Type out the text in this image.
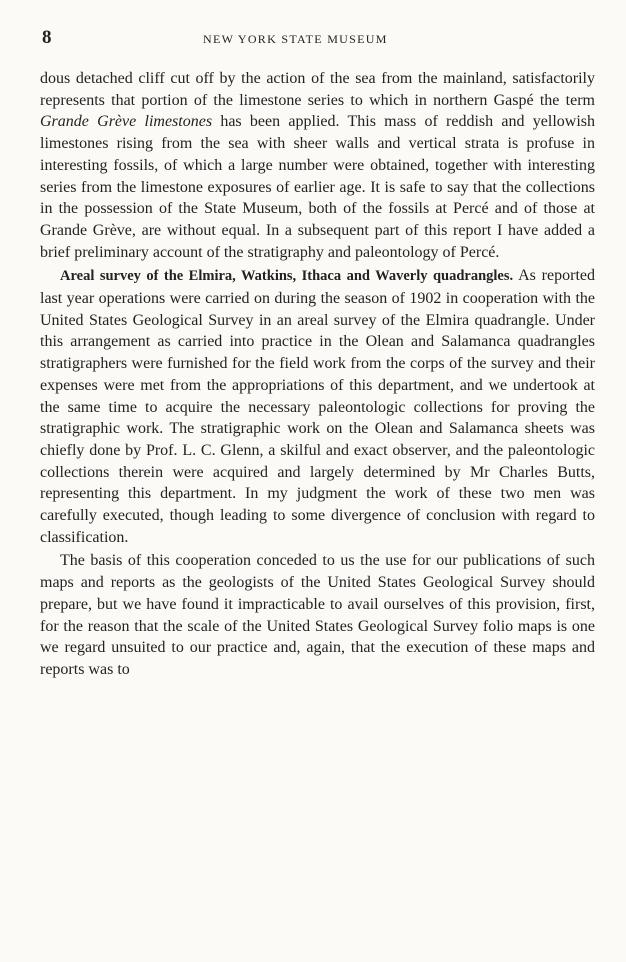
8	NEW YORK STATE MUSEUM

dous detached cliff cut off by the action of the sea from the mainland, satisfactorily represents that portion of the limestone series to which in northern Gaspé the term Grande Grève limestones has been applied. This mass of reddish and yellowish limestones rising from the sea with sheer walls and vertical strata is profuse in interesting fossils, of which a large number were obtained, together with interesting series from the limestone exposures of earlier age. It is safe to say that the collections in the possession of the State Museum, both of the fossils at Percé and of those at Grande Grève, are without equal. In a subsequent part of this report I have added a brief preliminary account of the stratigraphy and paleontology of Percé.

Areal survey of the Elmira, Watkins, Ithaca and Waverly quadrangles. As reported last year operations were carried on during the season of 1902 in cooperation with the United States Geological Survey in an areal survey of the Elmira quadrangle. Under this arrangement as carried into practice in the Olean and Salamanca quadrangles stratigraphers were furnished for the field work from the corps of the survey and their expenses were met from the appropriations of this department, and we undertook at the same time to acquire the necessary paleontologic collections for proving the stratigraphic work. The stratigraphic work on the Olean and Salamanca sheets was chiefly done by Prof. L. C. Glenn, a skilful and exact observer, and the paleontologic collections therein were acquired and largely determined by Mr Charles Butts, representing this department. In my judgment the work of these two men was carefully executed, though leading to some divergence of conclusion with regard to classification.

The basis of this cooperation conceded to us the use for our publications of such maps and reports as the geologists of the United States Geological Survey should prepare, but we have found it impracticable to avail ourselves of this provision, first, for the reason that the scale of the United States Geological Survey folio maps is one we regard unsuited to our practice and, again, that the execution of these maps and reports was to
